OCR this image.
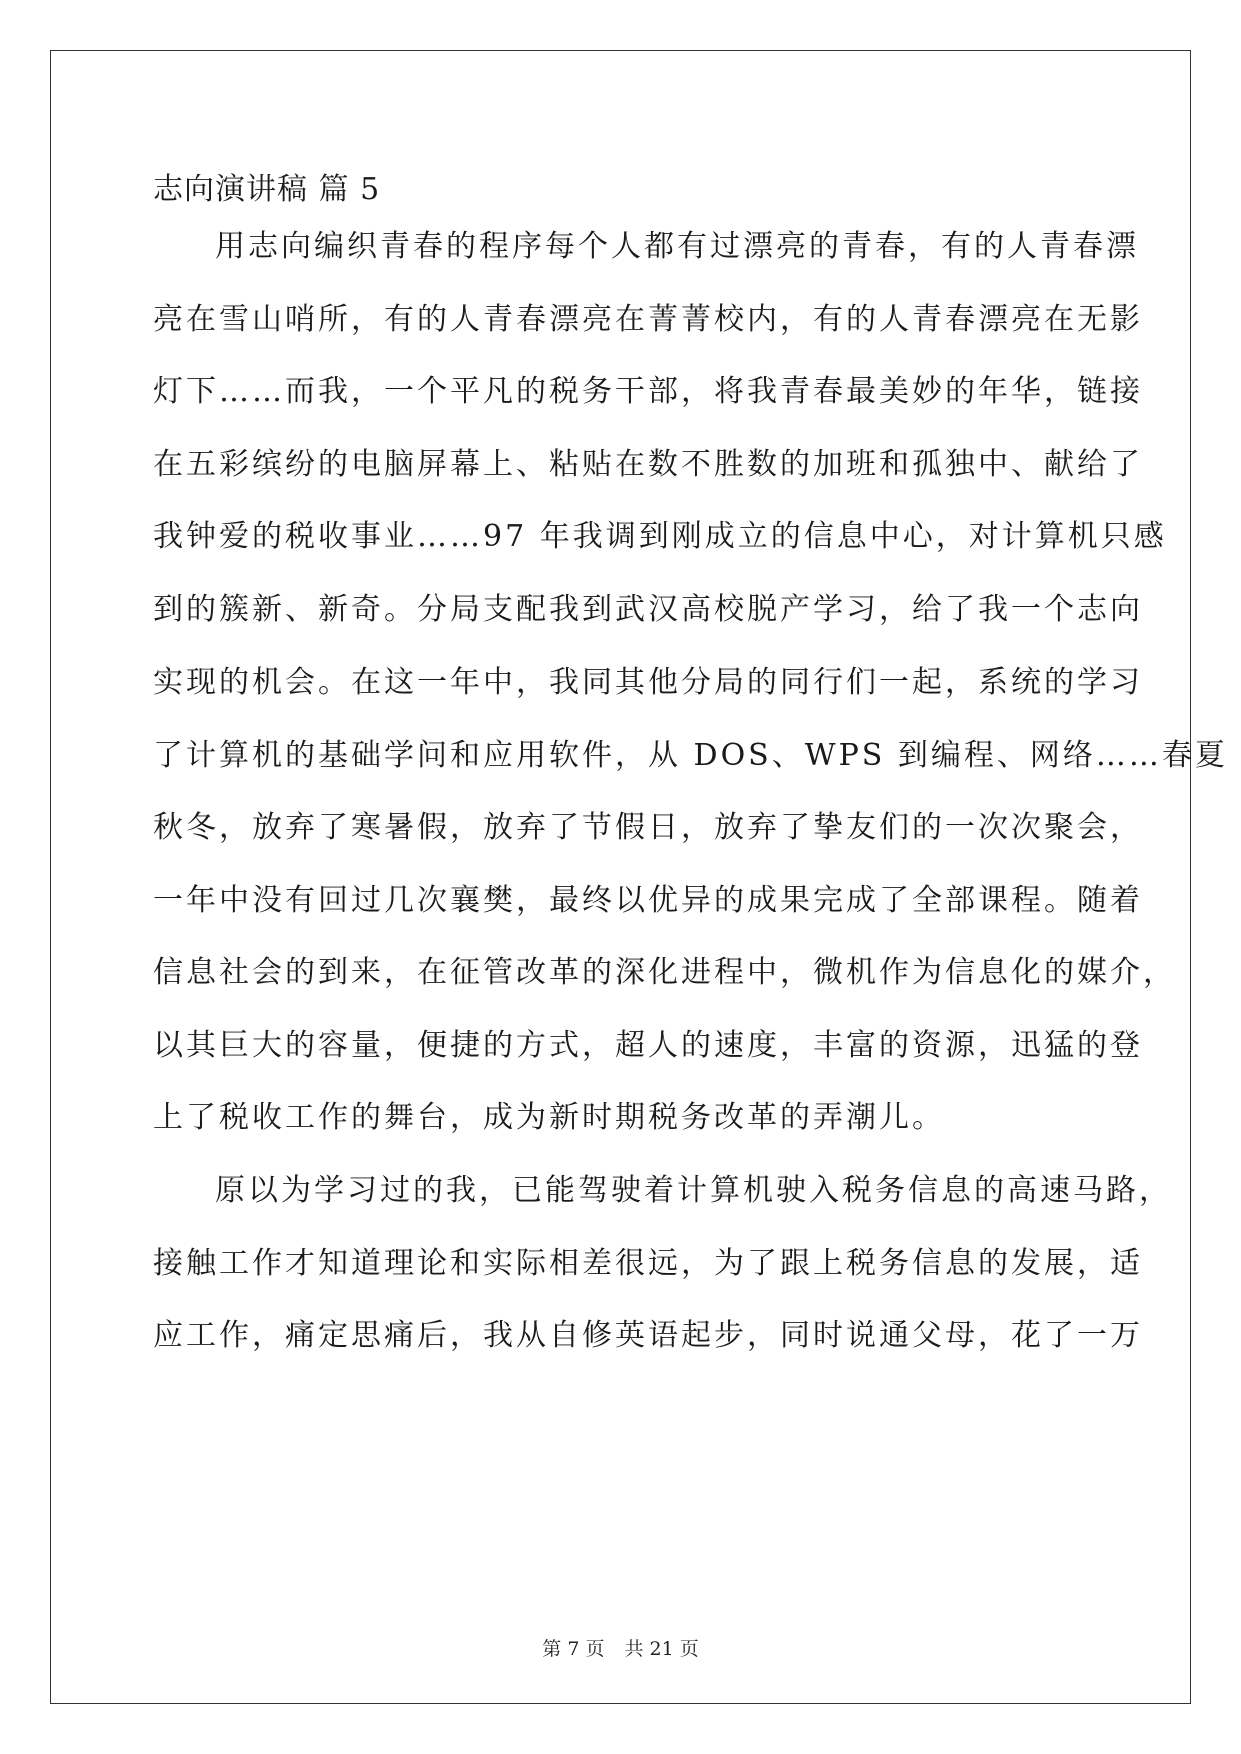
志向演讲稿 篇 5
用志向编织青春的程序每个人都有过漂亮的青春，有的人青春漂
亮在雪山哨所，有的人青春漂亮在菁菁校内，有的人青春漂亮在无影
灯下……而我，一个平凡的税务干部，将我青春最美妙的年华，链接
在五彩缤纷的电脑屏幕上、粘贴在数不胜数的加班和孤独中、献给了
我钟爱的税收事业……97 年我调到刚成立的信息中心，对计算机只感
到的簇新、新奇。分局支配我到武汉高校脱产学习，给了我一个志向
实现的机会。在这一年中，我同其他分局的同行们一起，系统的学习
了计算机的基础学问和应用软件，从 DOS、WPS 到编程、网络……春夏
秋冬，放弃了寒暑假，放弃了节假日，放弃了挚友们的一次次聚会，
一年中没有回过几次襄樊，最终以优异的成果完成了全部课程。随着
信息社会的到来，在征管改革的深化进程中，微机作为信息化的媒介，
以其巨大的容量，便捷的方式，超人的速度，丰富的资源，迅猛的登
上了税收工作的舞台，成为新时期税务改革的弄潮儿。
原以为学习过的我，已能驾驶着计算机驶入税务信息的高速马路，
接触工作才知道理论和实际相差很远，为了跟上税务信息的发展，适
应工作，痛定思痛后，我从自修英语起步，同时说通父母，花了一万
第 7 页 共 21 页
